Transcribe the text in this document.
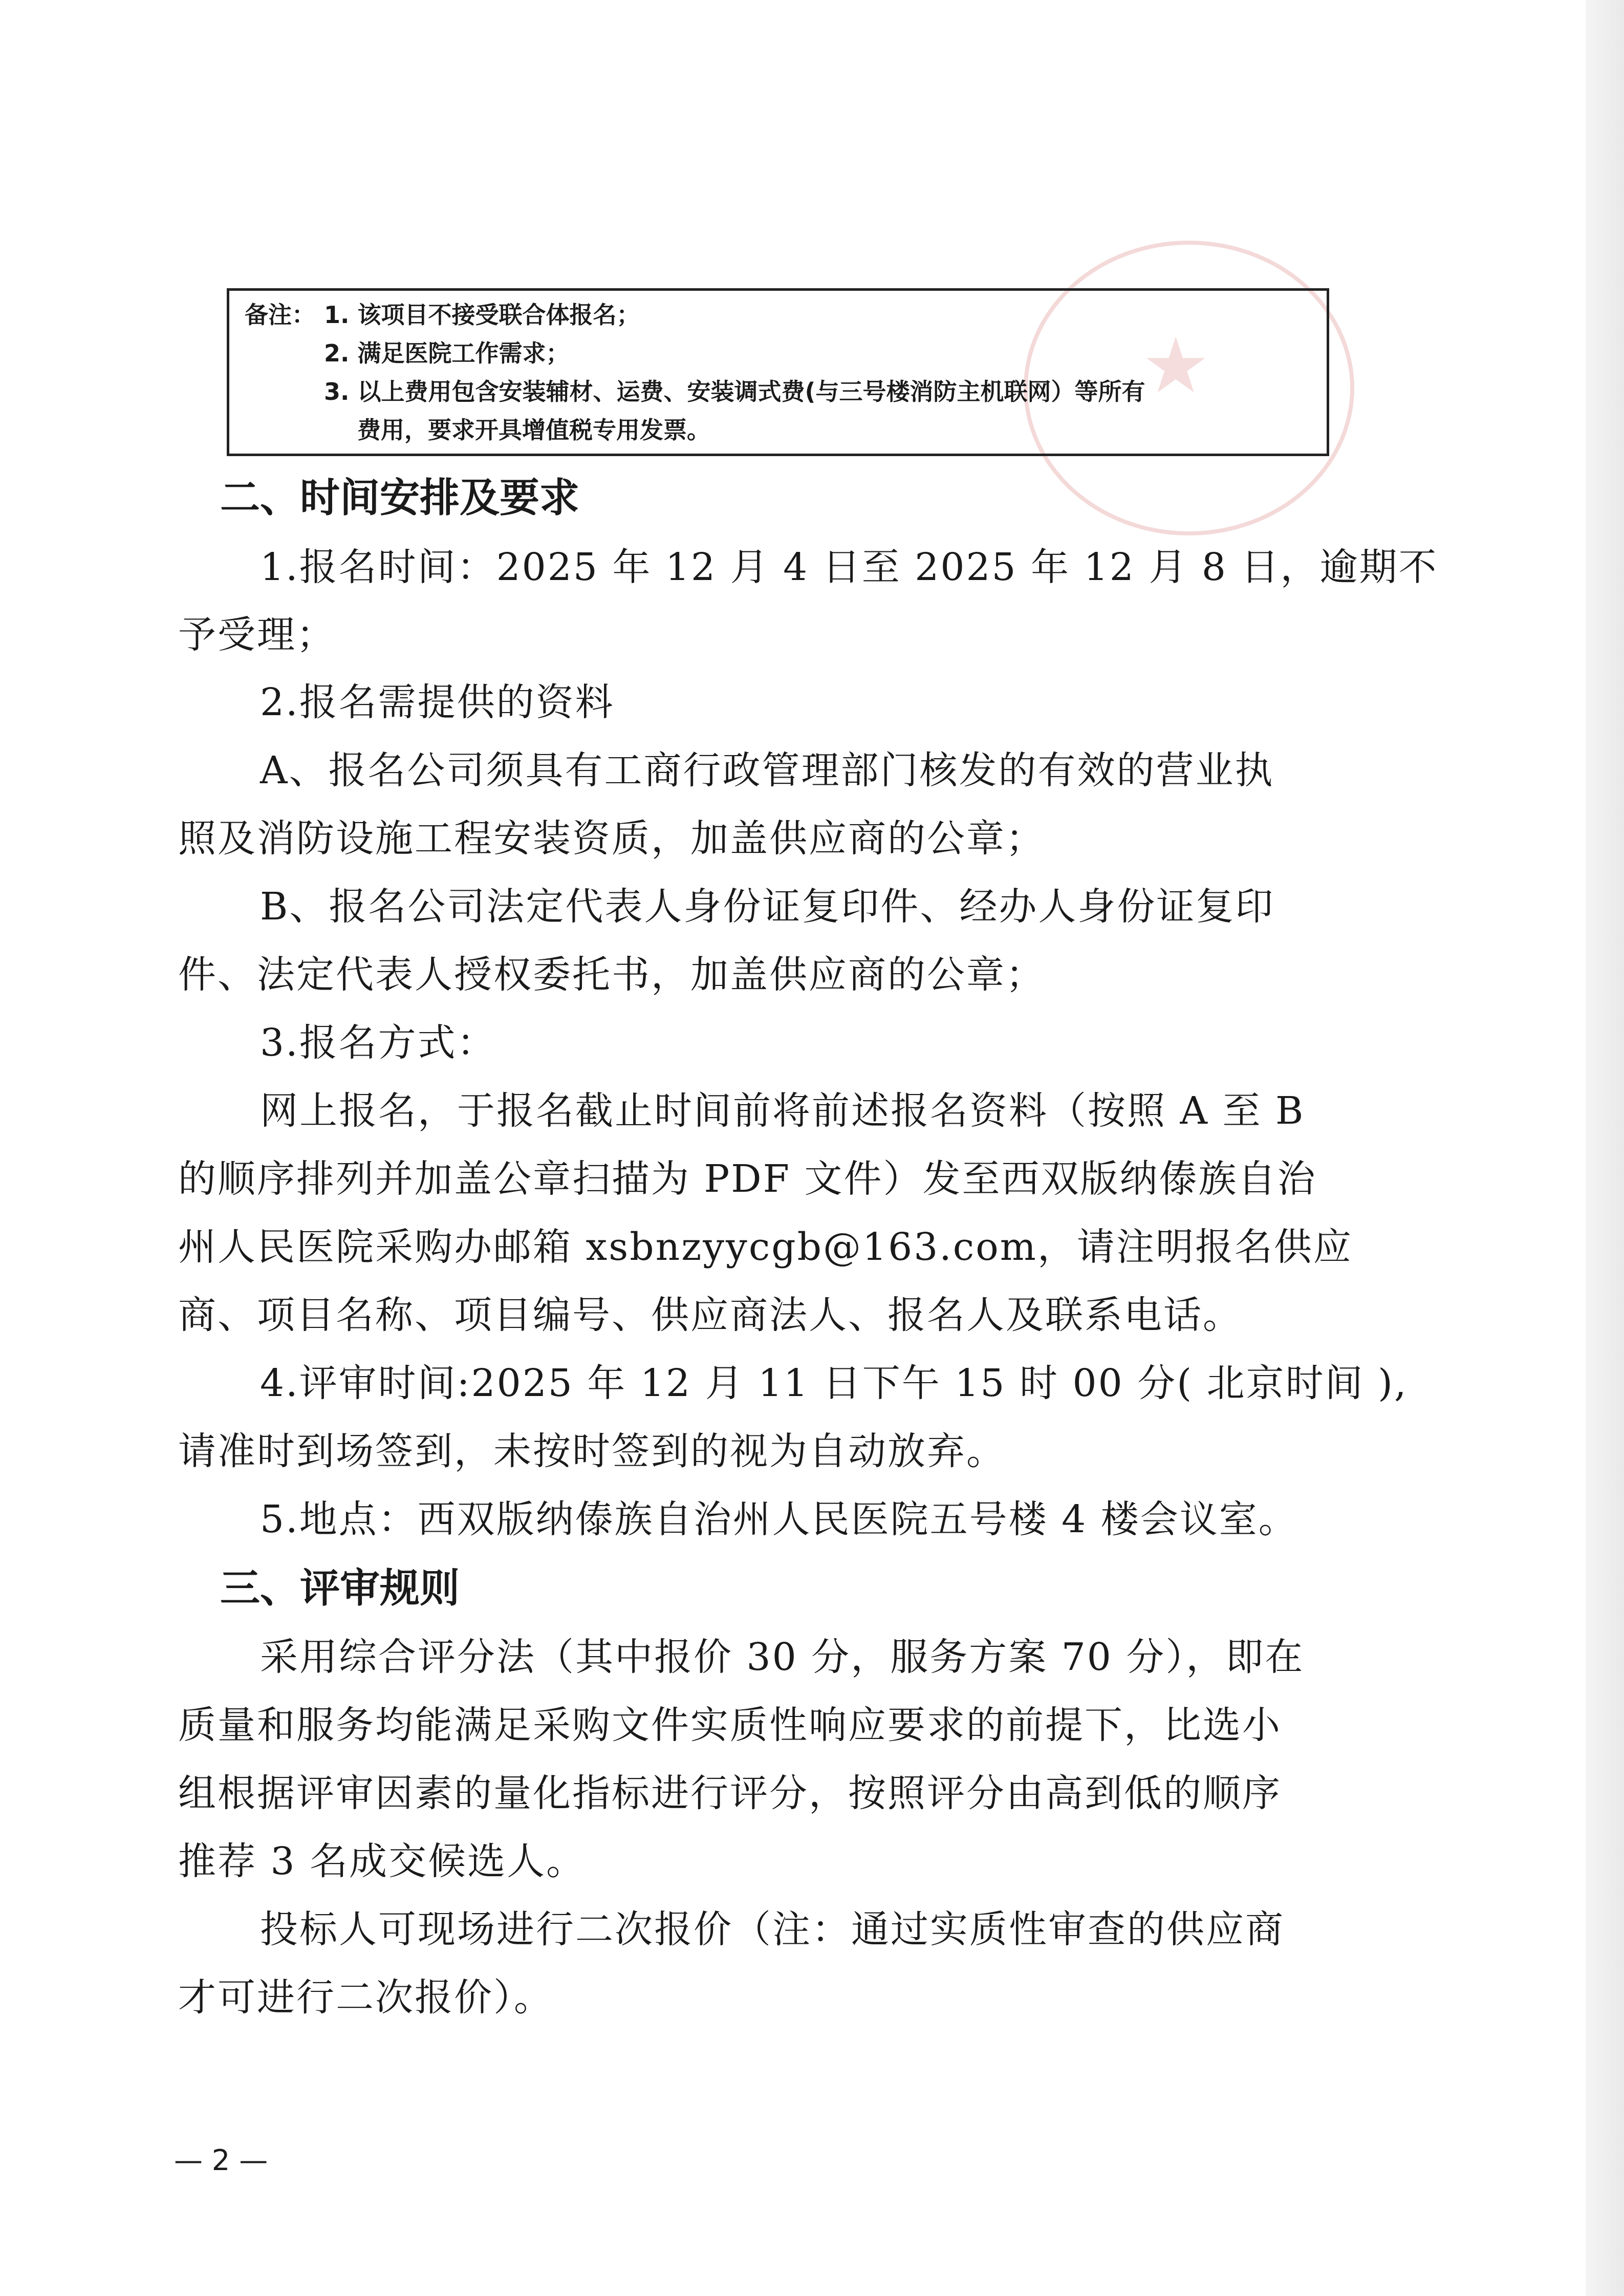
★
备注： 1. 该项目不接受联合体报名；
2. 满足医院工作需求；
3. 以上费用包含安装辅材、运费、安装调式费(与三号楼消防主机联网）等所有
费用，要求开具增值税专用发票。
二、时间安排及要求
1.报名时间：2025 年 12 月 4 日至 2025 年 12 月 8 日，逾期不
予受理；
2.报名需提供的资料
A、报名公司须具有工商行政管理部门核发的有效的营业执
照及消防设施工程安装资质，加盖供应商的公章；
B、报名公司法定代表人身份证复印件、经办人身份证复印
件、法定代表人授权委托书，加盖供应商的公章；
3.报名方式：
网上报名，于报名截止时间前将前述报名资料（按照 A 至 B
的顺序排列并加盖公章扫描为 PDF 文件）发至西双版纳傣族自治
州人民医院采购办邮箱 xsbnzyycgb@163.com，请注明报名供应
商、项目名称、项目编号、供应商法人、报名人及联系电话。
4.评审时间:2025 年 12 月 11 日下午 15 时 00 分( 北京时间 ),
请准时到场签到，未按时签到的视为自动放弃。
5.地点：西双版纳傣族自治州人民医院五号楼 4 楼会议室。
三、评审规则
采用综合评分法（其中报价 30 分，服务方案 70 分），即在
质量和服务均能满足采购文件实质性响应要求的前提下，比选小
组根据评审因素的量化指标进行评分，按照评分由高到低的顺序
推荐 3 名成交候选人。
投标人可现场进行二次报价（注：通过实质性审查的供应商
才可进行二次报价）。
— 2 —
